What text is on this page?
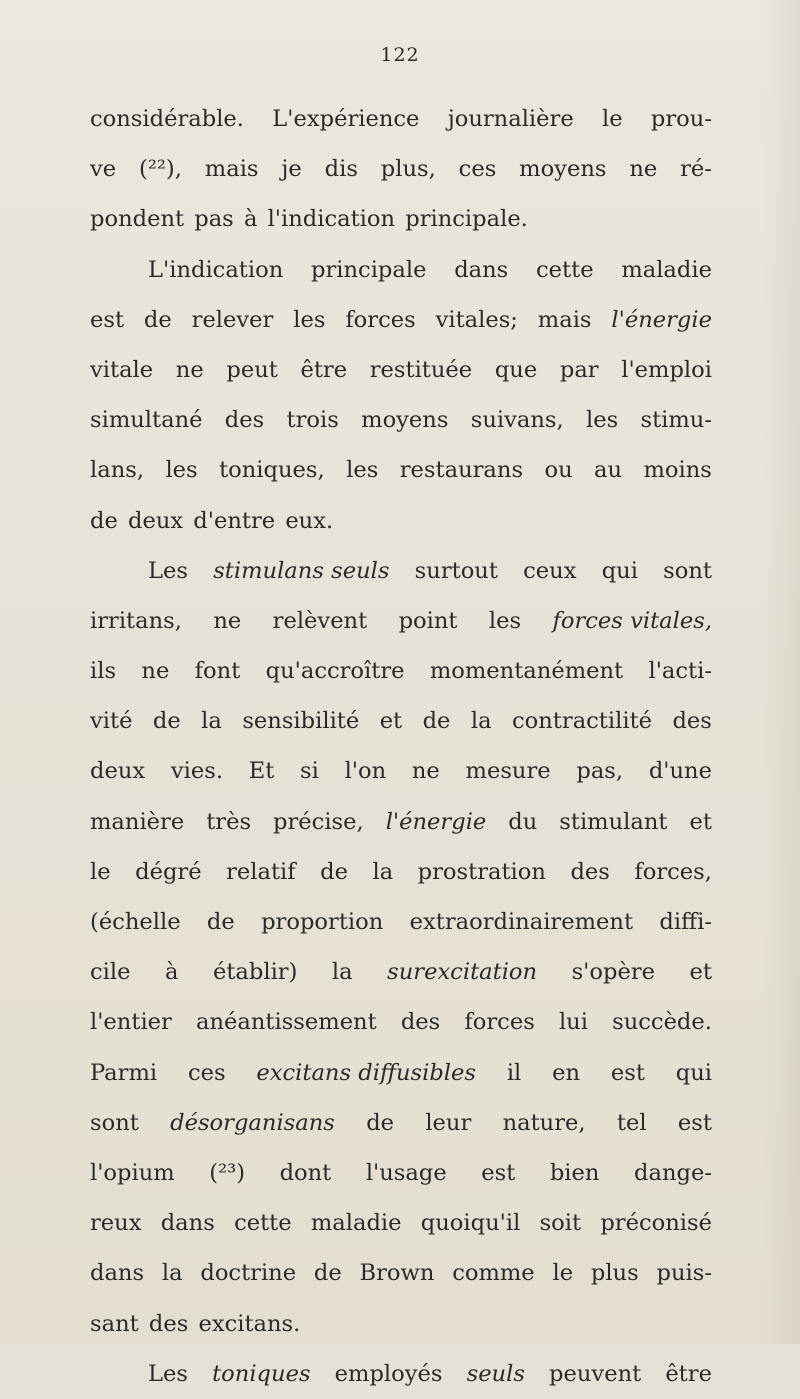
122
considérable. L'expérience journalière le prou-
ve (²²), mais je dis plus, ces moyens ne ré-
pondent pas à l'indication principale.
L'indication principale dans cette maladie
est de relever les forces vitales; mais l'énergie
vitale ne peut être restituée que par l'emploi
simultané des trois moyens suivans, les stimu-
lans, les toniques, les restaurans ou au moins
de deux d'entre eux.
Les stimulans seuls surtout ceux qui sont
irritans, ne relèvent point les forces vitales,
ils ne font qu'accroître momentanément l'acti-
vité de la sensibilité et de la contractilité des
deux vies. Et si l'on ne mesure pas, d'une
manière très précise, l'énergie du stimulant et
le dégré relatif de la prostration des forces,
(échelle de proportion extraordinairement diffi-
cile à établir) la surexcitation s'opère et
l'entier anéantissement des forces lui succède.
Parmi ces excitans diffusibles il en est qui
sont désorganisans de leur nature, tel est
l'opium (²³) dont l'usage est bien dange-
reux dans cette maladie quoiqu'il soit préconisé
dans la doctrine de Brown comme le plus puis-
sant des excitans.
Les toniques employés seuls peuvent être
